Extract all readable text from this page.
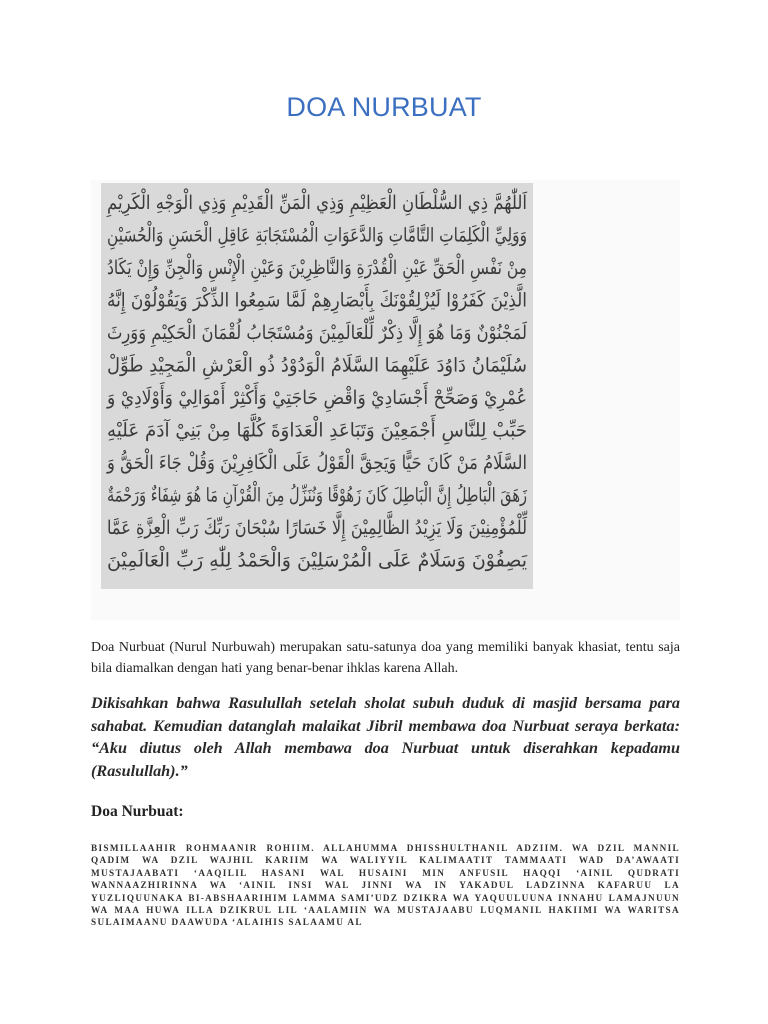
DOA NURBUAT
اَللّٰهُمَّ ذِي السُّلْطَانِ الْعَظِيْمِ وَذِي الْمَنِّ الْقَدِيْمِ وَذِي الْوَجْهِ الْكَرِيْمِ
وَوَلِيِّ الْكَلِمَاتِ التَّامَّاتِ وَالدَّعَوَاتِ الْمُسْتَجَابَةِ عَاقِلِ الْحَسَنِ وَالْحُسَيْنِ
مِنْ نَفْسِ الْحَقِّ عَيْنِ الْقُدْرَةِ وَالنَّاظِرِيْنَ وَعَيْنِ الْإِنْسِ وَالْجِنِّ وَإِنْ يَكَادُ
الَّذِيْنَ كَفَرُوْا لَيُزْلِقُوْنَكَ بِأَبْصَارِهِمْ لَمَّا سَمِعُوا الذِّكْرَ وَيَقُوْلُوْنَ إِنَّهُ
لَمَجْنُوْنٌ وَمَا هُوَ إِلَّا ذِكْرٌ لِّلْعَالَمِيْنَ وَمُسْتَجَابُ لُقْمَانَ الْحَكِيْمِ وَوَرِثَ
سُلَيْمَانُ دَاوُدَ عَلَيْهِمَا السَّلَامُ الْوَدُوْدُ ذُو الْعَرْشِ الْمَجِيْدِ طَوِّلْ
عُمْرِيْ وَصَحِّحْ أَجْسَادِيْ وَاقْضِ حَاجَتِيْ وَأَكْثِرْ أَمْوَالِيْ وَأَوْلَادِيْ وَ
حَبِّبْ لِلنَّاسِ أَجْمَعِيْنَ وَتَبَاعَدِ الْعَدَاوَةَ كُلَّهَا مِنْ بَنِيْ آدَمَ عَلَيْهِ
السَّلَامُ مَنْ كَانَ حَيًّا وَيَحِقَّ الْقَوْلُ عَلَى الْكَافِرِيْنَ وَقُلْ جَاءَ الْحَقُّ وَ
زَهَقَ الْبَاطِلُ إِنَّ الْبَاطِلَ كَانَ زَهُوْقًا وَنُنَزِّلُ مِنَ الْقُرْآنِ مَا هُوَ شِفَاءٌ وَرَحْمَةٌ
لِّلْمُؤْمِنِيْنَ وَلَا يَزِيْدُ الظَّالِمِيْنَ إِلَّا خَسَارًا سُبْحَانَ رَبِّكَ رَبِّ الْعِزَّةِ عَمَّا
يَصِفُوْنَ وَسَلَامٌ عَلَى الْمُرْسَلِيْنَ وَالْحَمْدُ لِلّٰهِ رَبِّ الْعَالَمِيْنَ

Doa Nurbuat (Nurul Nurbuwah) merupakan satu-satunya doa yang memiliki banyak khasiat, tentu saja bila diamalkan dengan hati yang benar-benar ihklas karena Allah.

Dikisahkan bahwa Rasulullah setelah sholat subuh duduk di masjid bersama para sahabat. Kemudian datanglah malaikat Jibril membawa doa Nurbuat seraya berkata: “Aku diutus oleh Allah membawa doa Nurbuat untuk diserahkan kepadamu (Rasulullah).”

Doa Nurbuat:

BISMILLAAHIR ROHMAANIR ROHIIM. ALLAHUMMA DHISSHULTHANIL ADZIIM. WA DZIL MANNIL QADIM WA DZIL WAJHIL KARIIM WA WALIYYIL KALIMAATIT TAMMAATI WAD DA’AWAATI MUSTAJAABATI ‘AAQILIL HASANI WAL HUSAINI MIN ANFUSIL HAQQI ‘AINIL QUDRATI WANNAAZHIRINNA WA ‘AINIL INSI WAL JINNI WA IN YAKADUL LADZINNA KAFARUU LA YUZLIQUUNAKA BI-ABSHAARIHIM LAMMA SAMI’UDZ DZIKRA WA YAQUULUUNA INNAHU LAMAJNUUN WA MAA HUWA ILLA DZIKRUL LIL ‘AALAMIIN WA MUSTAJAABU LUQMANIL HAKIIMI WA WARITSA SULAIMAANU DAAWUDA ‘ALAIHIS SALAAMU AL
